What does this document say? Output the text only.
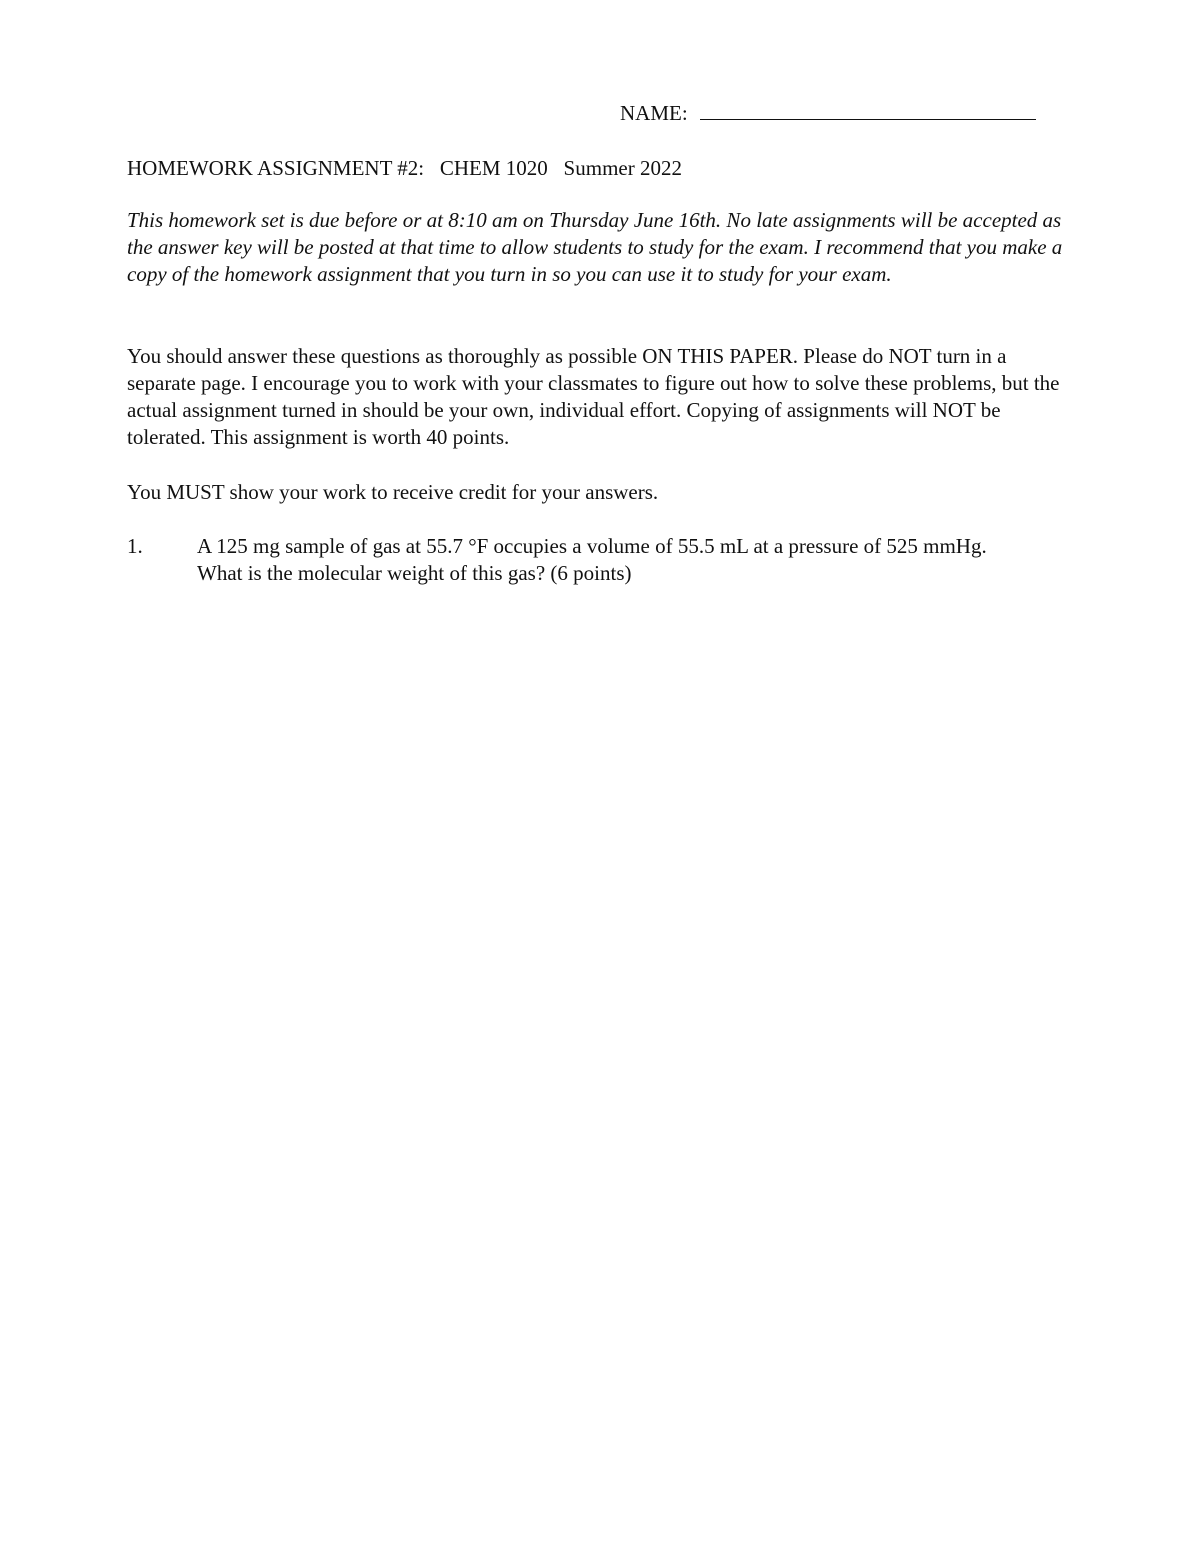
NAME:
HOMEWORK ASSIGNMENT #2:   CHEM 1020   Summer 2022

This homework set is due before or at 8:10 am on Thursday June 16th. No late assignments will be accepted as the answer key will be posted at that time to allow students to study for the exam. I recommend that you make a copy of the homework assignment that you turn in so you can use it to study for your exam.

You should answer these questions as thoroughly as possible ON THIS PAPER. Please do NOT turn in a separate page. I encourage you to work with your classmates to figure out how to solve these problems, but the actual assignment turned in should be your own, individual effort. Copying of assignments will NOT be tolerated. This assignment is worth 40 points.

You MUST show your work to receive credit for your answers.

1.	A 125 mg sample of gas at 55.7 °F occupies a volume of 55.5 mL at a pressure of 525 mmHg. What is the molecular weight of this gas? (6 points)
